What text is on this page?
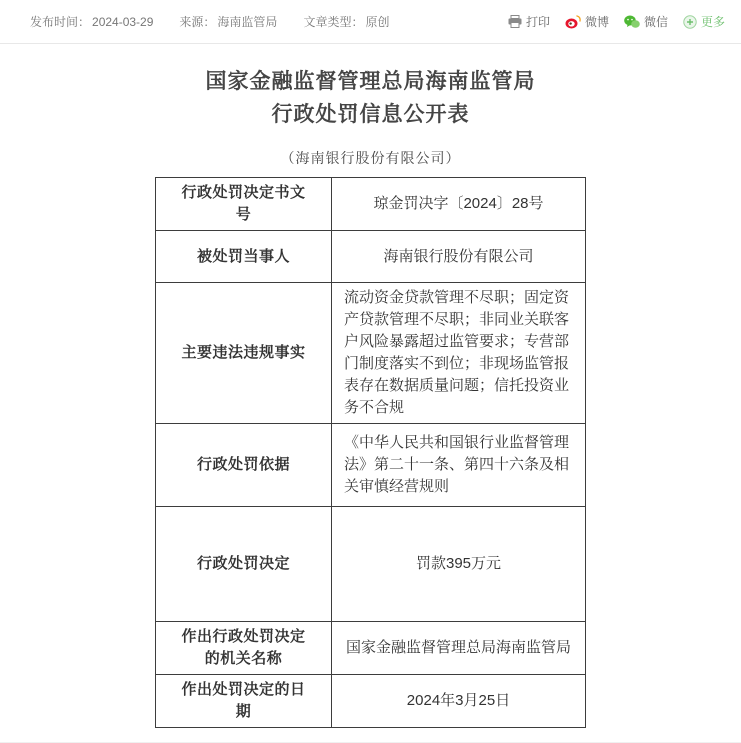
发布时间： 2024-03-29 来源： 海南监管局 文章类型： 原创	打印	微博	微信	更多
国家金融监督管理总局海南监管局
行政处罚信息公开表
（海南银行股份有限公司）
行政处罚决定书文号	琼金罚决字〔2024〕28号
被处罚当事人	海南银行股份有限公司
主要违法违规事实	流动资金贷款管理不尽职；固定资产贷款管理不尽职；非同业关联客户风险暴露超过监管要求；专营部门制度落实不到位；非现场监管报表存在数据质量问题；信托投资业务不合规
行政处罚依据	《中华人民共和国银行业监督管理法》第二十一条、第四十六条及相关审慎经营规则
行政处罚决定	罚款395万元
作出行政处罚决定的机关名称	国家金融监督管理总局海南监管局
作出处罚决定的日期	2024年3月25日
